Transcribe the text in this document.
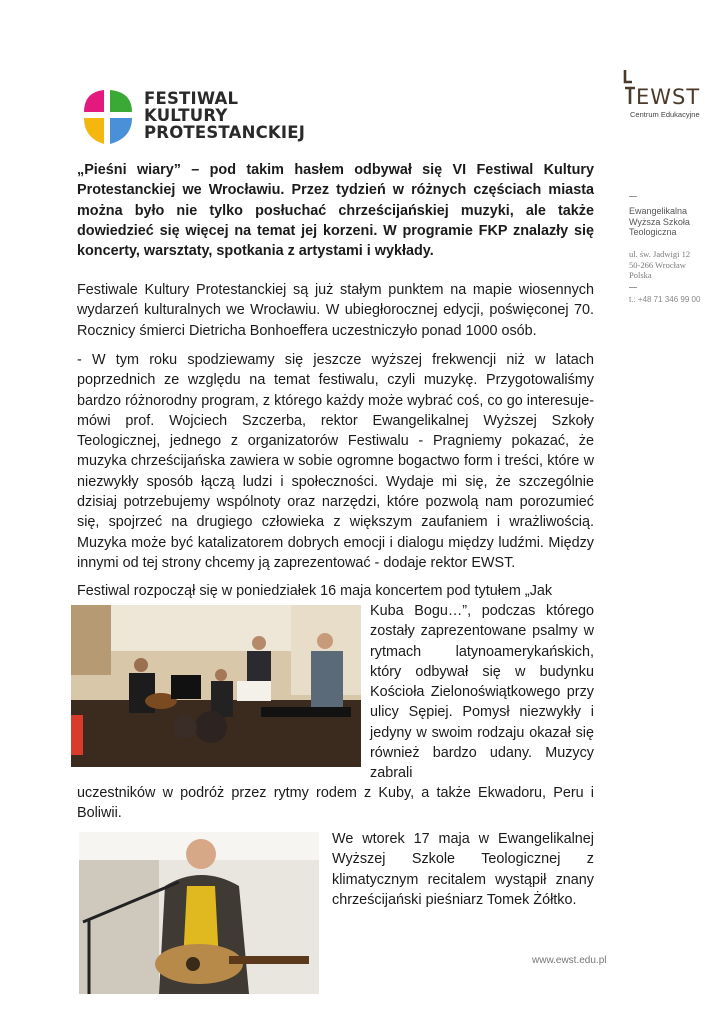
FESTIWAL
KULTURY
PROTESTANCKIEJ
EWST
Centrum Edukacyjne
Ewangelikalna
Wyższa Szkoła
Teologiczna
ul. św. Jadwigi 12
50-266 Wrocław
Polska
t.: +48 71 346 99 00
„Pieśni wiary” – pod takim hasłem odbywał się VI Festiwal Kultury Protestanckiej we Wrocławiu. Przez tydzień w różnych częściach miasta można było nie tylko posłuchać chrześcijańskiej muzyki, ale także dowiedzieć się więcej na temat jej korzeni. W programie FKP znalazły się koncerty, warsztaty, spotkania z artystami i wykłady.
Festiwale Kultury Protestanckiej są już stałym punktem na mapie wiosennych wydarzeń kulturalnych we Wrocławiu. W ubiegłorocznej edycji, poświęconej 70. Rocznicy śmierci Dietricha Bonhoeffera uczestniczyło ponad 1000 osób.
- W tym roku spodziewamy się jeszcze wyższej frekwencji niż w latach poprzednich ze względu na temat festiwalu, czyli muzykę. Przygotowaliśmy bardzo różnorodny program, z którego każdy może wybrać coś, co go interesuje- mówi prof. Wojciech Szczerba, rektor Ewangelikalnej Wyższej Szkoły Teologicznej, jednego z organizatorów Festiwalu - Pragniemy pokazać, że muzyka chrześcijańska zawiera w sobie ogromne bogactwo form i treści, które w niezwykły sposób łączą ludzi i społeczności. Wydaje mi się, że szczególnie dzisiaj potrzebujemy wspólnoty oraz narzędzi, które pozwolą nam porozumieć się, spojrzeć na drugiego człowieka z większym zaufaniem i wrażliwością. Muzyka może być katalizatorem dobrych emocji i dialogu między ludźmi. Między innymi od tej strony chcemy ją zaprezentować - dodaje rektor EWST.
Festiwal rozpoczął się w poniedziałek 16 maja koncertem pod tytułem „Jak
Kuba Bogu…”, podczas którego zostały zaprezentowane psalmy w rytmach latynoamerykańskich, który odbywał się w budynku Kościoła Zielonoświątkowego przy ulicy Sępiej. Pomysł niezwykły i jedyny w swoim rodzaju okazał się również bardzo udany. Muzycy zabrali
uczestników w podróż przez rytmy rodem z Kuby, a także Ekwadoru, Peru i Boliwii.
We wtorek 17 maja w Ewangelikalnej Wyższej Szkole Teologicznej z klimatycznym recitalem wystąpił znany chrześcijański pieśniarz Tomek Żółtko.
www.ewst.edu.pl
